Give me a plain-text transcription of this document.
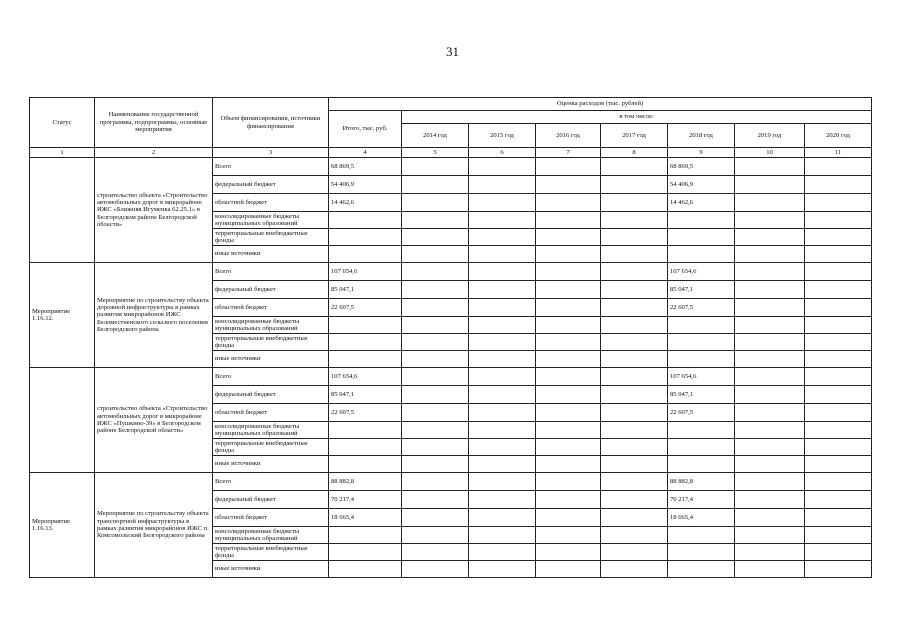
31
Статус	Наименование государственной программы, подпрограммы, основные мероприятия	Объем финансирования, источники финансирования	Оценка расходов (тыс. рублей)							
			Итого, тыс. руб.	в том числе:						
				2014 год	2015 год	2016 год	2017 год	2018 год	2019 год	2020 год
1	2	3	4	5	6	7	8	9	10	11
	строительство объекта «Строительство автомобильных дорог в микрорайоне ИЖС «Ближняя Игуменка 62.25.1» в Белгородском районе Белгородской области»	Всего	68 869,5					68 869,5		
		федеральный бюджет	54 406,9					54 406,9		
		областной бюджет	14 462,6					14 462,6		
		консолидированные бюджеты муниципальных образований								
		территориальные внебюджетные фонды								
		иные источники								
Мероприятие 1.16.12.	Мероприятие по строительству объекта дорожной инфраструктуры в рамках развития микрорайонов ИЖС Беломестненского сельского поселения Белгородского района	Всего	107 654,6					107 654,6		
		федеральный бюджет	85 047,1					85 047,1		
		областной бюджет	22 607,5					22 607,5		
		консолидированные бюджеты муниципальных образований								
		территориальные внебюджетные фонды								
		иные источники								
	строительство объекта «Строительство автомобильных дорог в микрорайоне ИЖС «Пушкино-39» в Белгородском районе Белгородской области»	Всего	107 654,6					107 654,6		
		федеральный бюджет	85 047,1					85 047,1		
		областной бюджет	22 607,5					22 607,5		
		консолидированные бюджеты муниципальных образований								
		территориальные внебюджетные фонды								
		иные источники								
Мероприятие 1.16.13.	Мероприятие по строительству объекта транспортной инфраструктуры в рамках развития микрорайонов ИЖС п. Комсомольский Белгородского района	Всего	88 882,8					88 882,8		
		федеральный бюджет	70 217,4					70 217,4		
		областной бюджет	18 665,4					18 665,4		
		консолидированные бюджеты муниципальных образований								
		территориальные внебюджетные фонды								
		иные источники								
